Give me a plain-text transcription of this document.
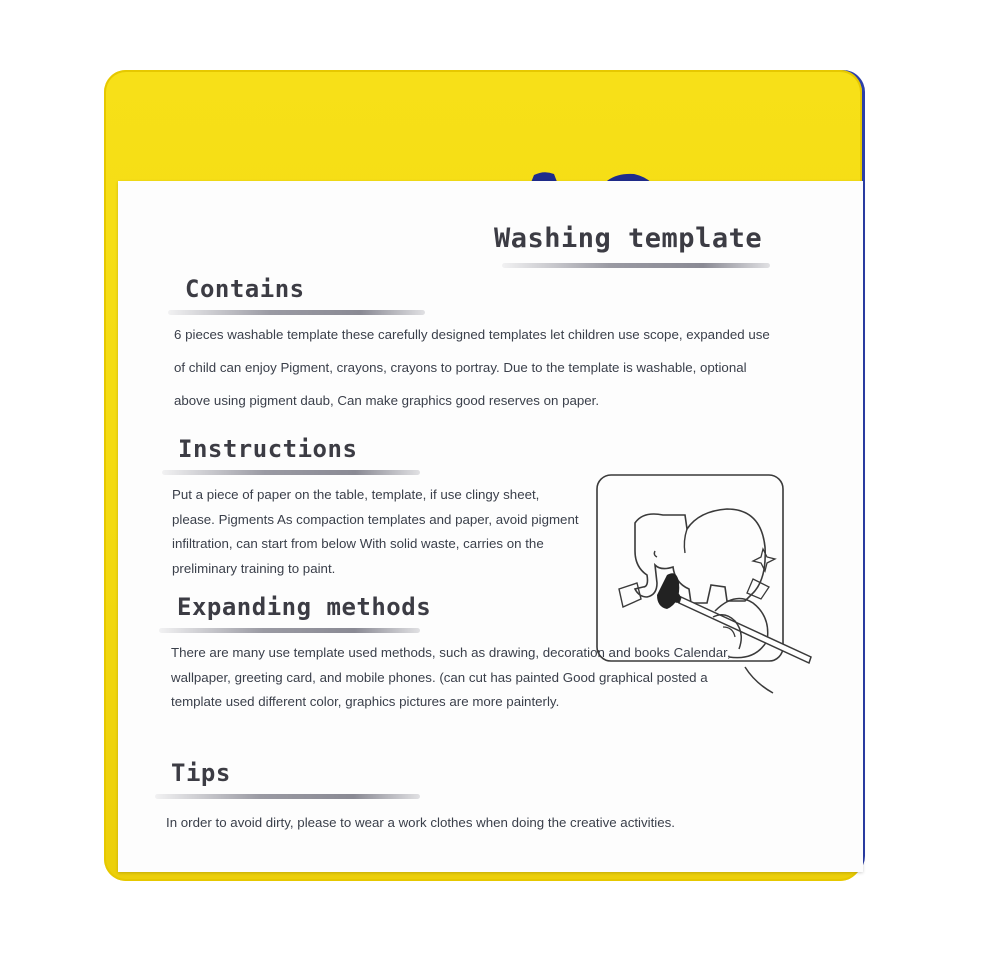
Washing template
Contains

6 pieces washable template these carefully designed templates let children use scope, expanded use of child can enjoy Pigment, crayons, crayons to portray. Due to the template is washable, optional above using pigment daub, Can make graphics good reserves on paper.

Instructions

Put a piece of paper on the table, template, if use clingy sheet, please. Pigments As compaction templates and paper, avoid pigment infiltration, can start from below With solid waste, carries on the preliminary training to paint.

Expanding methods

There are many use template used methods, such as drawing, decoration and books Calendar, wallpaper, greeting card, and mobile phones. (can cut has painted Good graphical posted a template used different color, graphics pictures are more painterly.

Tips

In order to avoid dirty, please to wear a work clothes when doing the creative activities.
